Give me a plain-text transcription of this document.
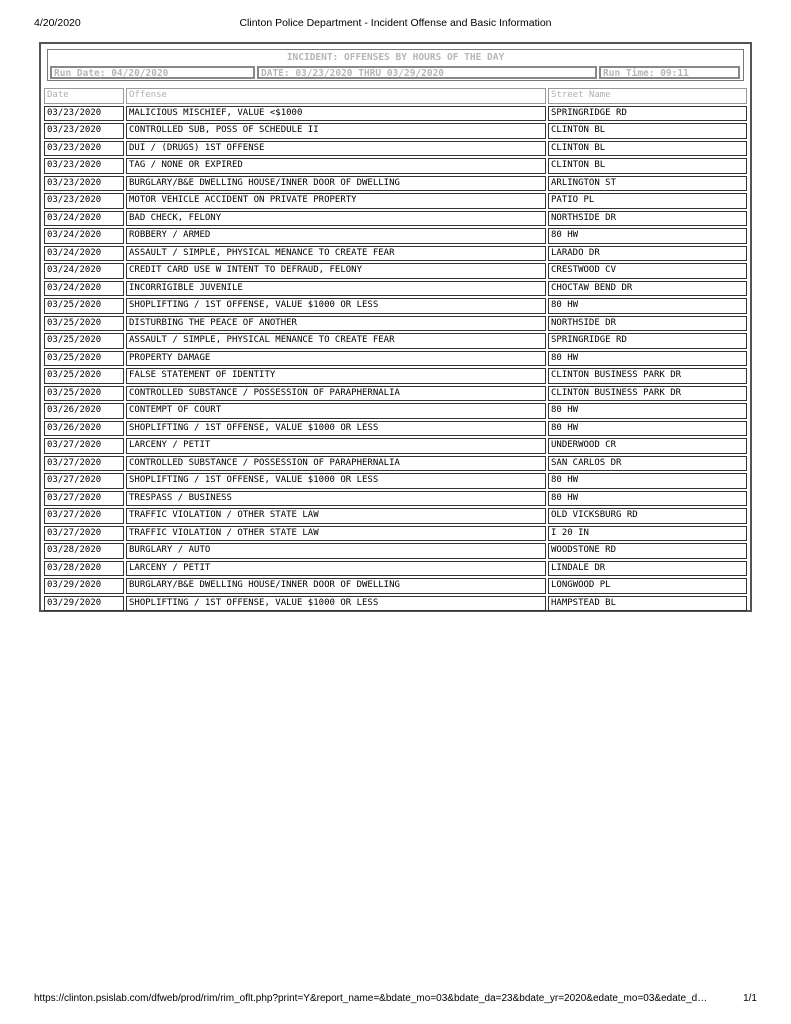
4/20/2020	Clinton Police Department - Incident Offense and Basic Information
INCIDENT: OFFENSES BY HOURS OF THE DAY
Run Date: 04/20/2020	DATE: 03/23/2020 THRU 03/29/2020	Run Time: 09:11
Date	Offense	Street Name
03/23/2020	MALICIOUS MISCHIEF, VALUE <$1000	SPRINGRIDGE RD
03/23/2020	CONTROLLED SUB, POSS OF SCHEDULE II	CLINTON BL
03/23/2020	DUI / (DRUGS) 1ST OFFENSE	CLINTON BL
03/23/2020	TAG / NONE OR EXPIRED	CLINTON BL
03/23/2020	BURGLARY/B&E DWELLING HOUSE/INNER DOOR OF DWELLING	ARLINGTON ST
03/23/2020	MOTOR VEHICLE ACCIDENT ON PRIVATE PROPERTY	PATIO PL
03/24/2020	BAD CHECK, FELONY	NORTHSIDE DR
03/24/2020	ROBBERY / ARMED	80 HW
03/24/2020	ASSAULT / SIMPLE, PHYSICAL MENANCE TO CREATE FEAR	LARADO DR
03/24/2020	CREDIT CARD USE W INTENT TO DEFRAUD, FELONY	CRESTWOOD CV
03/24/2020	INCORRIGIBLE JUVENILE	CHOCTAW BEND DR
03/25/2020	SHOPLIFTING / 1ST OFFENSE, VALUE $1000 OR LESS	80 HW
03/25/2020	DISTURBING THE PEACE OF ANOTHER	NORTHSIDE DR
03/25/2020	ASSAULT / SIMPLE, PHYSICAL MENANCE TO CREATE FEAR	SPRINGRIDGE RD
03/25/2020	PROPERTY DAMAGE	80 HW
03/25/2020	FALSE STATEMENT OF IDENTITY	CLINTON BUSINESS PARK DR
03/25/2020	CONTROLLED SUBSTANCE / POSSESSION OF PARAPHERNALIA	CLINTON BUSINESS PARK DR
03/26/2020	CONTEMPT OF COURT	80 HW
03/26/2020	SHOPLIFTING / 1ST OFFENSE, VALUE $1000 OR LESS	80 HW
03/27/2020	LARCENY / PETIT	UNDERWOOD CR
03/27/2020	CONTROLLED SUBSTANCE / POSSESSION OF PARAPHERNALIA	SAN CARLOS DR
03/27/2020	SHOPLIFTING / 1ST OFFENSE, VALUE $1000 OR LESS	80 HW
03/27/2020	TRESPASS / BUSINESS	80 HW
03/27/2020	TRAFFIC VIOLATION / OTHER STATE LAW	OLD VICKSBURG RD
03/27/2020	TRAFFIC VIOLATION / OTHER STATE LAW	I 20 IN
03/28/2020	BURGLARY / AUTO	WOODSTONE RD
03/28/2020	LARCENY / PETIT	LINDALE DR
03/29/2020	BURGLARY/B&E DWELLING HOUSE/INNER DOOR OF DWELLING	LONGWOOD PL
03/29/2020	SHOPLIFTING / 1ST OFFENSE, VALUE $1000 OR LESS	HAMPSTEAD BL
https://clinton.psislab.com/dfweb/prod/rim/rim_oflt.php?print=Y&report_name=&bdate_mo=03&bdate_da=23&bdate_yr=2020&edate_mo=03&edate_d…	1/1
